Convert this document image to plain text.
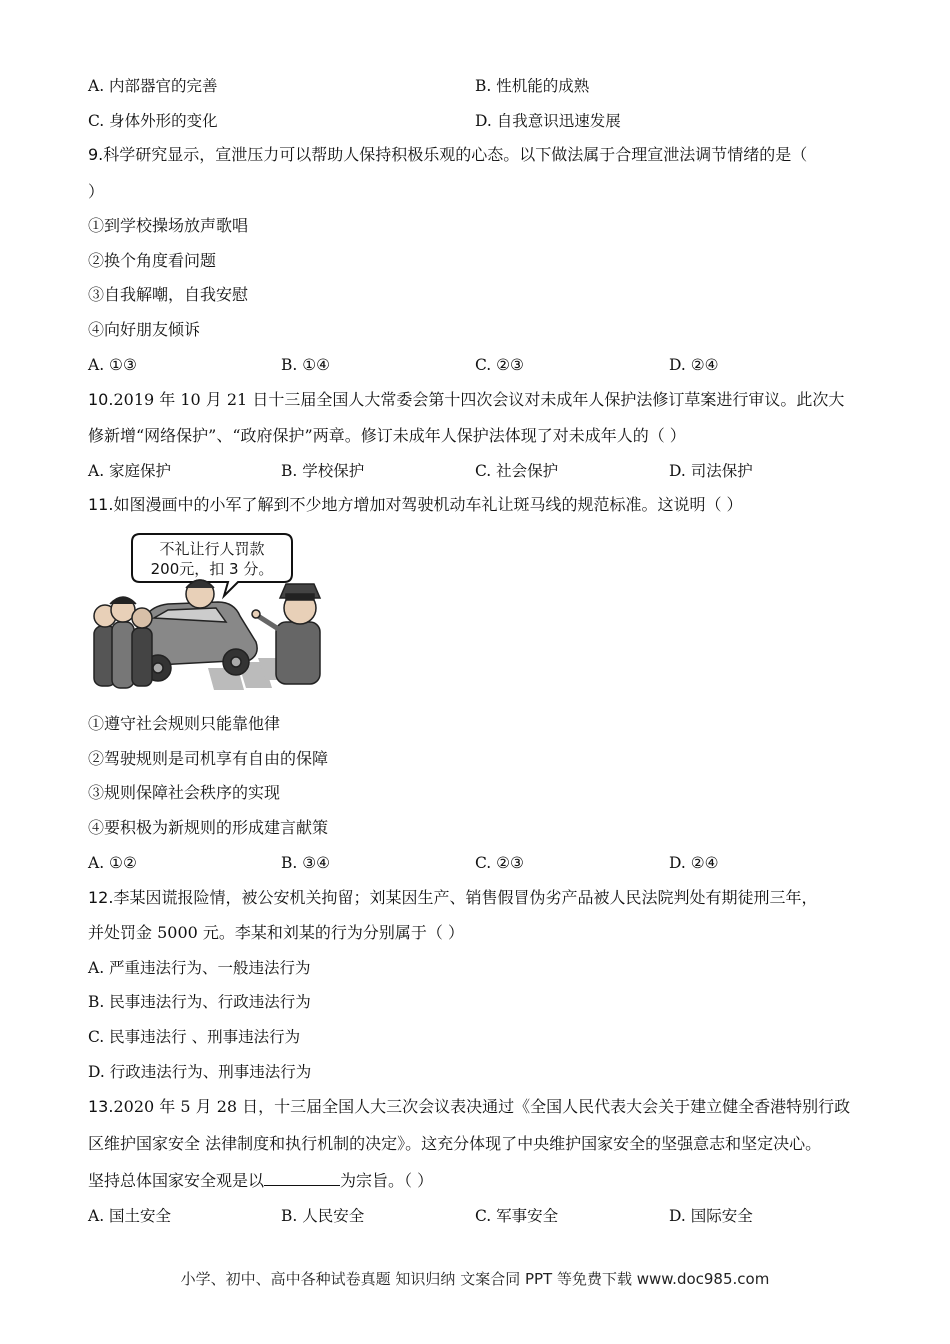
A. 内部器官的完善	B. 性机能的成熟
C. 身体外形的变化	D. 自我意识迅速发展
9.科学研究显示，宣泄压力可以帮助人保持积极乐观的心态。以下做法属于合理宣泄法调节情绪的是（
）
①到学校操场放声歌唱
②换个角度看问题
③自我解嘲，自我安慰
④向好朋友倾诉
A. ①③	B. ①④	C. ②③	D. ②④
10.2019 年 10 月 21 日十三届全国人大常委会第十四次会议对未成年人保护法修订草案进行审议。此次大
修新增“网络保护”、“政府保护”两章。修订未成年人保护法体现了对未成年人的（ ）
A. 家庭保护	B. 学校保护	C. 社会保护	D. 司法保护
11.如图漫画中的小军了解到不少地方增加对驾驶机动车礼让斑马线的规范标准。这说明（ ）
不礼让行人罚款
200元，扣 3 分。
①遵守社会规则只能靠他律
②驾驶规则是司机享有自由的保障
③规则保障社会秩序的实现
④要积极为新规则的形成建言献策
A. ①②	B. ③④	C. ②③	D. ②④
12.李某因谎报险情，被公安机关拘留；刘某因生产、销售假冒伪劣产品被人民法院判处有期徒刑三年，
并处罚金 5000 元。李某和刘某的行为分别属于（ ）
A. 严重违法行为、一般违法行为
B. 民事违法行为、行政违法行为
C. 民事违法行 、刑事违法行为
D. 行政违法行为、刑事违法行为
13.2020 年 5 月 28 日，十三届全国人大三次会议表决通过《全国人民代表大会关于建立健全香港特别行政
区维护国家安全 法律制度和执行机制的决定》。这充分体现了中央维护国家安全的坚强意志和坚定决心。
坚持总体国家安全观是以	为宗旨。（ ）
A. 国土安全	B. 人民安全	C. 军事安全	D. 国际安全
小学、初中、高中各种试卷真题 知识归纳 文案合同 PPT 等免费下载 www.doc985.com
